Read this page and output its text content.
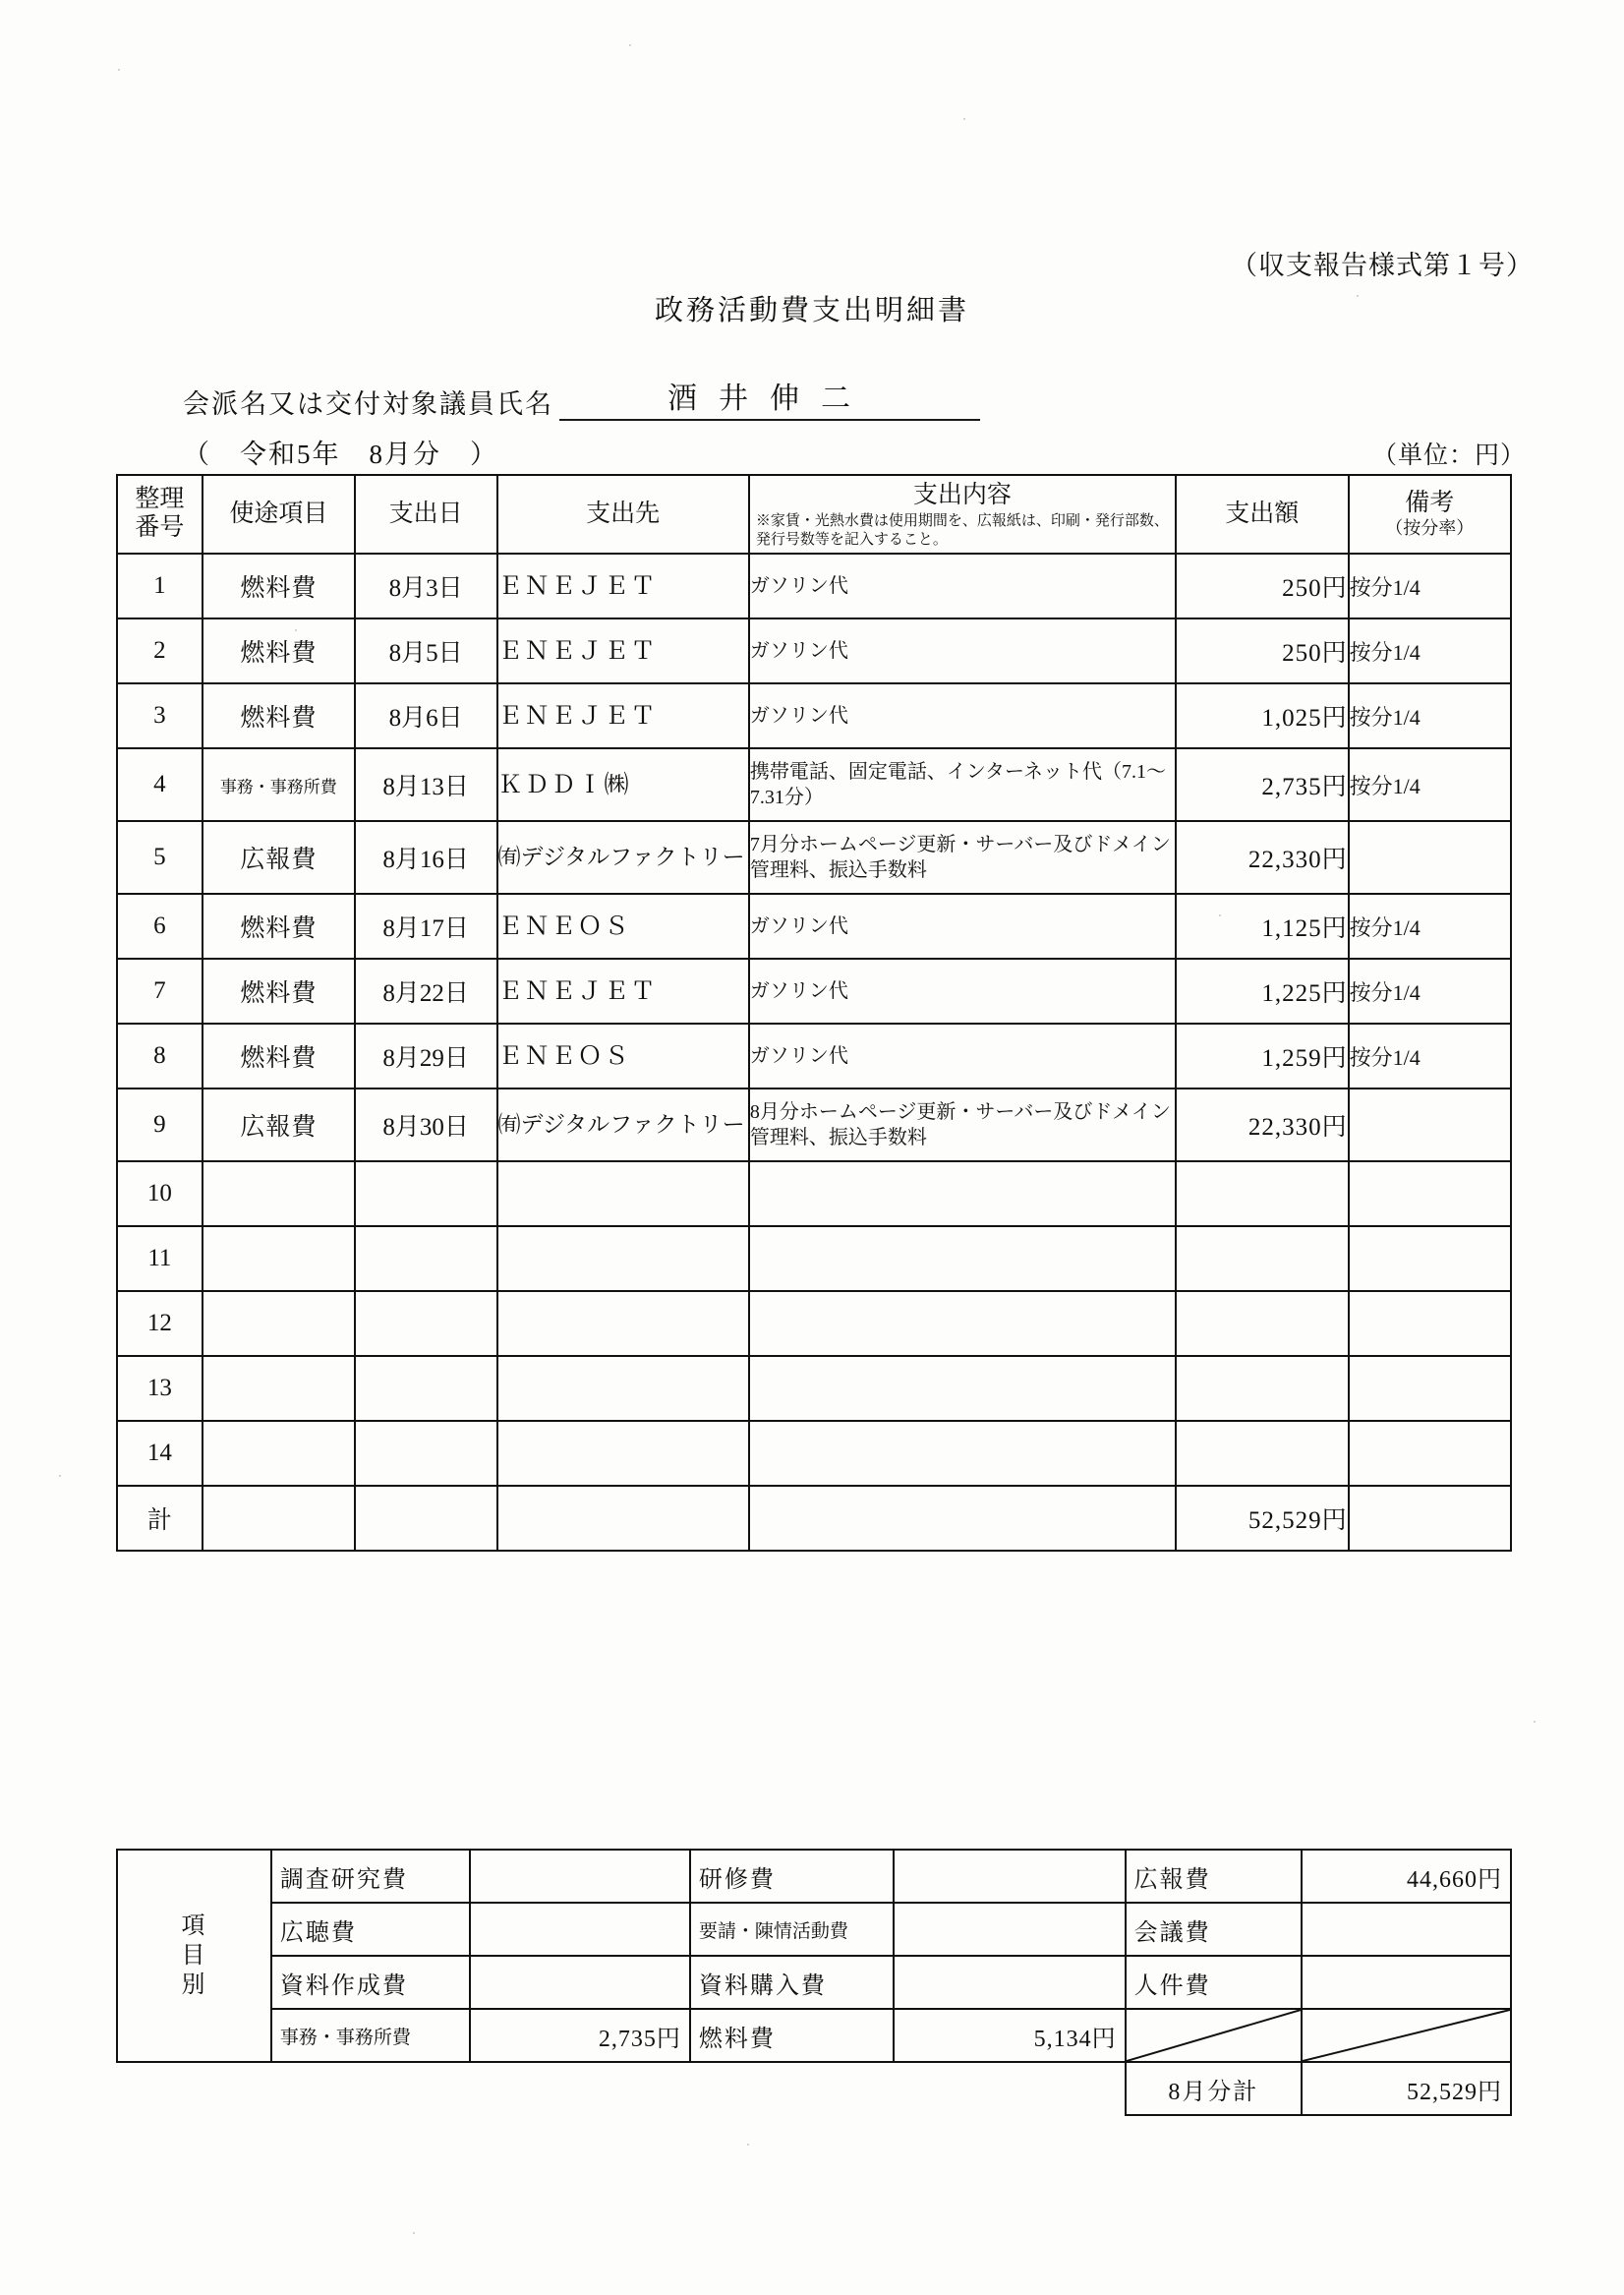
（収支報告様式第１号）
政務活動費支出明細書
会派名又は交付対象議員氏名	酒井伸二
（　令和5年　8月分　）	（単位：円）
整理
番号
	使途項目	支出日	支出先	
支出内容
※家賃・光熱水費は使用期間を、広報紙は、印刷・発行部数、発行号数等を記入すること。
	支出額	備考
（按分率）

1	燃料費	8月3日	ＥＮＥＪＥＴ	ガソリン代	250円	按分1/4
2	燃料費	8月5日	ＥＮＥＪＥＴ	ガソリン代	250円	按分1/4
3	燃料費	8月6日	ＥＮＥＪＥＴ	ガソリン代	1,025円	按分1/4
4	事務・事務所費	8月13日	ＫＤＤＩ㈱	携帯電話、固定電話、インターネット代（7.1～7.31分）	2,735円	按分1/4
5	広報費	8月16日	㈲デジタルファクトリー	7月分ホームページ更新・サーバー及びドメイン管理料、振込手数料	22,330円	
6	燃料費	8月17日	ＥＮＥＯＳ	ガソリン代	1,125円	按分1/4
7	燃料費	8月22日	ＥＮＥＪＥＴ	ガソリン代	1,225円	按分1/4
8	燃料費	8月29日	ＥＮＥＯＳ	ガソリン代	1,259円	按分1/4
9	広報費	8月30日	㈲デジタルファクトリー	8月分ホームページ更新・サーバー及びドメイン管理料、振込手数料	22,330円	
10						
11						
12						
13						
14						
計					52,529円	
項
目
別	調査研究費		研修費		広報費	44,660円
	広聴費		要請・陳情活動費		会議費	
	資料作成費		資料購入費		人件費	
	事務・事務所費	2,735円	燃料費	5,134円	

					8月分計	52,529円
